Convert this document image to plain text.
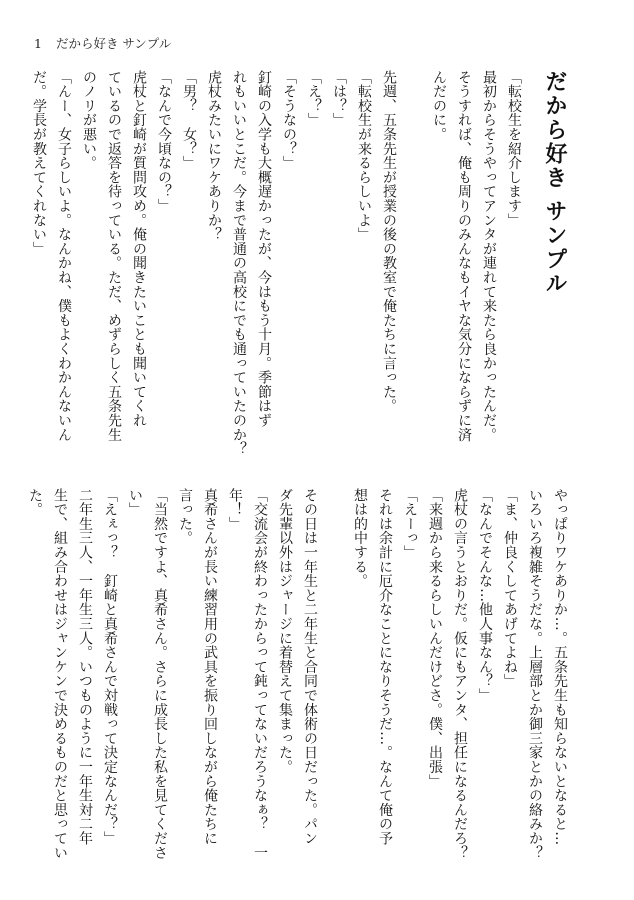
1 だから好き サンプル
だから好き サンプル
「転校生を紹介します」
最初からそうやってアンタが連れて来たら良かったんだ。
そうすれば、俺も周りのみんなもイヤな気分にならずに済
んだのに。
先週、五条先生が授業の後の教室で俺たちに言った。
「転校生が来るらしいよ」
「は？」
「え？」
「そうなの？」
釘崎の入学も大概遅かったが、今はもう十月。季節はず
れもいいとこだ。今まで普通の高校にでも通っていたのか？
虎杖みたいにワケありか？
「男？　女？」
「なんで今頃なの？」
虎杖と釘崎が質問攻め。俺の聞きたいことも聞いてくれ
ているので返答を待っている。ただ、めずらしく五条先生
のノリが悪い。
「んー、女子らしいよ。なんかね、僕もよくわかんないん
だ。学長が教えてくれない」
やっぱりワケありか…。五条先生も知らないとなると…
いろいろ複雑そうだな。上層部とか御三家とかの絡みか？
「ま、仲良くしてあげてよね」
「なんでそんな…他人事なん？」
虎杖の言うとおりだ。仮にもアンタ、担任になるんだろ？
「来週から来るらしいんだけどさ。僕、出張」
「えーっ」
それは余計に厄介なことになりそうだ…。なんて俺の予
想は的中する。
その日は一年生と二年生と合同で体術の日だった。パン
ダ先輩以外はジャージに着替えて集まった。
「交流会が終わったからって鈍ってないだろうなぁ？　一
年！」
真希さんが長い練習用の武具を振り回しながら俺たちに
言った。
「当然ですよ、真希さん。さらに成長した私を見てくださ
い」
「えぇっ？　釘崎と真希さんで対戦って決定なんだ？」
二年生三人、一年生三人。いつものように一年生対二年
生で、組み合わせはジャンケンで決めるものだと思ってい
た。
